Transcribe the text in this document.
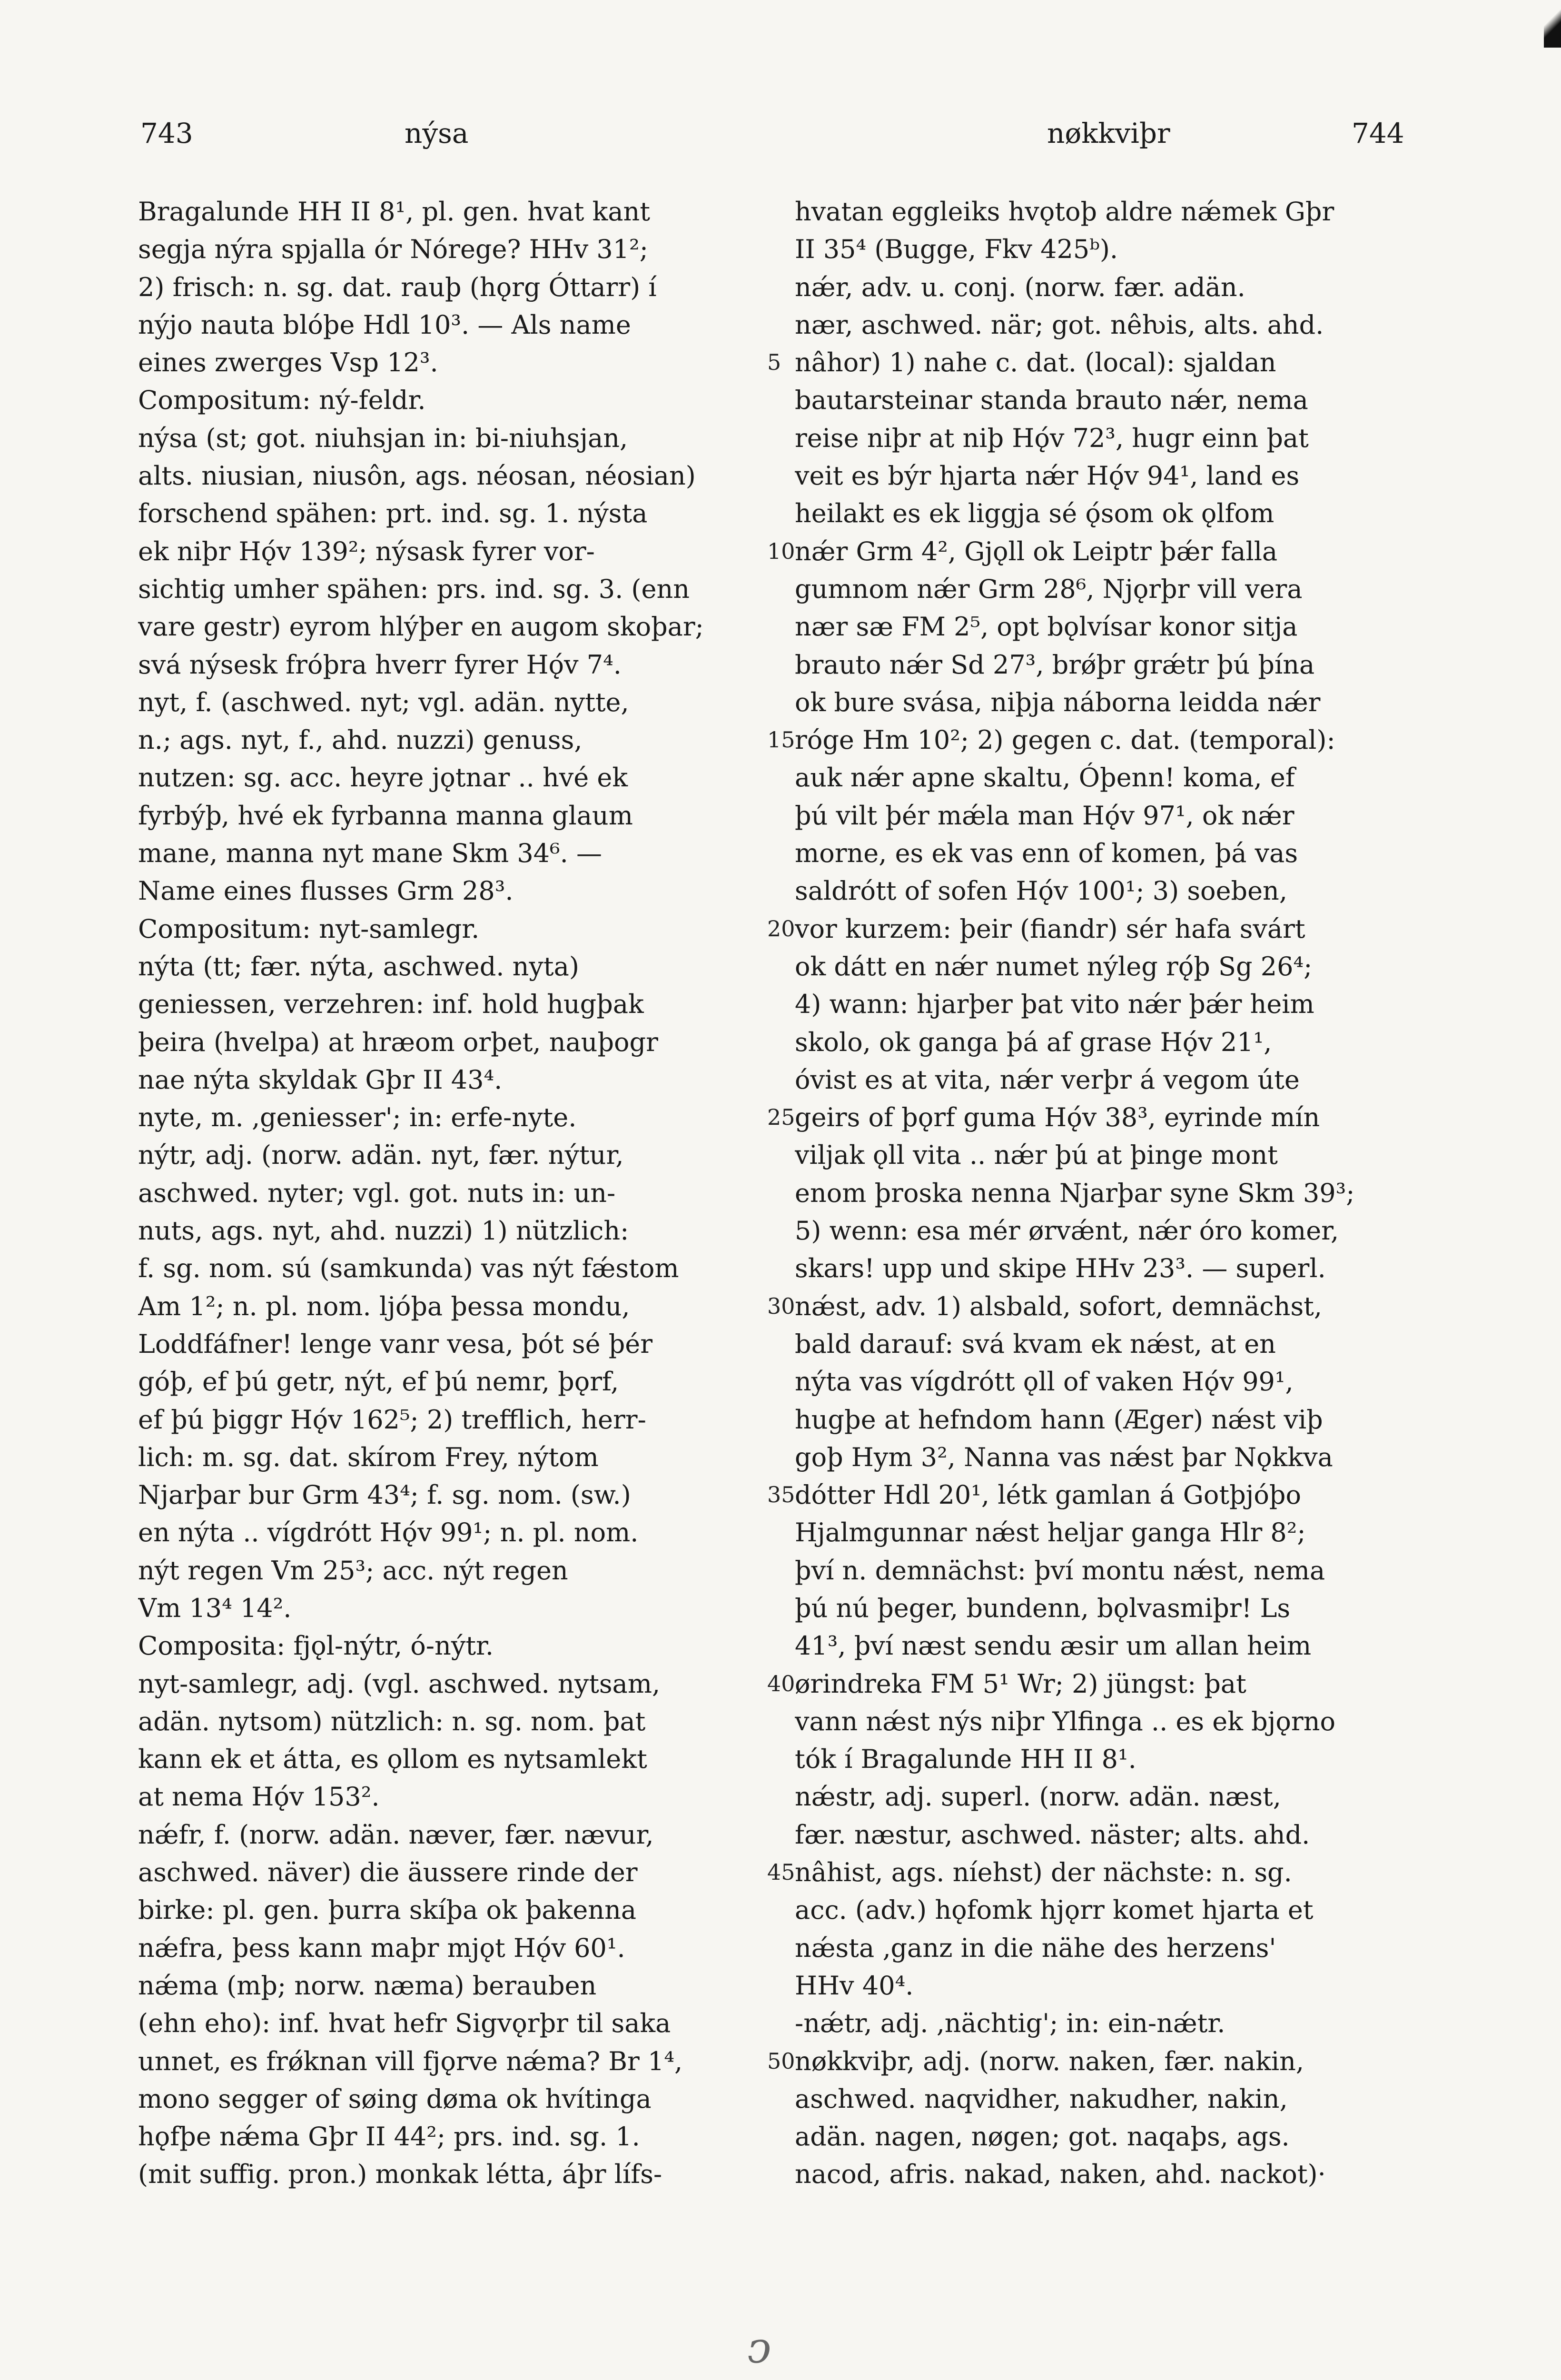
743	nýsa	nøkkviþr	744
Bragalunde HH II 8¹, pl. gen. hvat kant
segja nýra spjalla ór Nórege? HHv 31²;
2) frisch: n. sg. dat. rauþ (hǫrg Óttarr) í
nýjo nauta blóþe Hdl 10³. — Als name
eines zwerges Vsp 12³.
Compositum: ný-feldr.
nýsa (st; got. niuhsjan in: bi-niuhsjan,
alts. niusian, niusôn, ags. néosan, néosian)
forschend spähen: prt. ind. sg. 1. nýsta
ek niþr Hǫ́v 139²; nýsask fyrer vor-
sichtig umher spähen: prs. ind. sg. 3. (enn
vare gestr) eyrom hlýþer en augom skoþar;
svá nýsesk fróþra hverr fyrer Hǫ́v 7⁴.
nyt, f. (aschwed. nyt; vgl. adän. nytte,
n.; ags. nyt, f., ahd. nuzzi) genuss,
nutzen: sg. acc. heyre jǫtnar .. hvé ek
fyrbýþ, hvé ek fyrbanna manna glaum
mane, manna nyt mane Skm 34⁶. —
Name eines flusses Grm 28³.
Compositum: nyt-samlegr.
nýta (tt; fær. nýta, aschwed. nyta)
geniessen, verzehren: inf. hold hugþak
þeira (hvelpa) at hræom orþet, nauþogr
nae nýta skyldak Gþr II 43⁴.
nyte, m. ‚geniesser'; in: erfe-nyte.
nýtr, adj. (norw. adän. nyt, fær. nýtur,
aschwed. nyter; vgl. got. nuts in: un-
nuts, ags. nyt, ahd. nuzzi) 1) nützlich:
f. sg. nom. sú (samkunda) vas nýt fǽstom
Am 1²; n. pl. nom. ljóþa þessa mondu,
Loddfáfner! lenge vanr vesa, þót sé þér
góþ, ef þú getr, nýt, ef þú nemr, þǫrf,
ef þú þiggr Hǫ́v 162⁵; 2) trefflich, herr-
lich: m. sg. dat. skírom Frey, nýtom
Njarþar bur Grm 43⁴; f. sg. nom. (sw.)
en nýta .. vígdrótt Hǫ́v 99¹; n. pl. nom.
nýt regen Vm 25³; acc. nýt regen
Vm 13⁴ 14².
Composita: fjǫl-nýtr, ó-nýtr.
nyt-samlegr, adj. (vgl. aschwed. nytsam,
adän. nytsom) nützlich: n. sg. nom. þat
kann ek et átta, es ǫllom es nytsamlekt
at nema Hǫ́v 153².
nǽfr, f. (norw. adän. næver, fær. nævur,
aschwed. näver) die äussere rinde der
birke: pl. gen. þurra skíþa ok þakenna
nǽfra, þess kann maþr mjǫt Hǫ́v 60¹.
nǽma (mþ; norw. næma) berauben
(ehn eho): inf. hvat hefr Sigvǫrþr til saka
unnet, es frǿknan vill fjǫrve nǽma? Br 1⁴,
mono segger of søing døma ok hvítinga
hǫfþe nǽma Gþr II 44²; prs. ind. sg. 1.
(mit suffig. pron.) monkak létta, áþr lífs-
hvatan eggleiks hvǫtoþ aldre nǽmek Gþr
II 35⁴ (Bugge, Fkv 425ᵇ).
nǽr, adv. u. conj. (norw. fær. adän.
nær, aschwed. när; got. nêƕis, alts. ahd.
nâhor) 1) nahe c. dat. (local): sjaldan
bautarsteinar standa brauto nǽr, nema
reise niþr at niþ Hǫ́v 72³, hugr einn þat
veit es býr hjarta nǽr Hǫ́v 94¹, land es
heilakt es ek liggja sé ǫ́som ok ǫlfom
nǽr Grm 4², Gjǫll ok Leiptr þǽr falla
gumnom nǽr Grm 28⁶, Njǫrþr vill vera
nær sæ FM 2⁵, opt bǫlvísar konor sitja
brauto nǽr Sd 27³, brǿþr grǽtr þú þína
ok bure svása, niþja náborna leidda nǽr
róge Hm 10²; 2) gegen c. dat. (temporal):
auk nǽr apne skaltu, Óþenn! koma, ef
þú vilt þér mǽla man Hǫ́v 97¹, ok nǽr
morne, es ek vas enn of komen, þá vas
saldrótt of sofen Hǫ́v 100¹; 3) soeben,
vor kurzem: þeir (fiandr) sér hafa svárt
ok dátt en nǽr numet nýleg rǫ́þ Sg 26⁴;
4) wann: hjarþer þat vito nǽr þǽr heim
skolo, ok ganga þá af grase Hǫ́v 21¹,
óvist es at vita, nǽr verþr á vegom úte
geirs of þǫrf guma Hǫ́v 38³, eyrinde mín
viljak ǫll vita .. nǽr þú at þinge mont
enom þroska nenna Njarþar syne Skm 39³;
5) wenn: esa mér ørvǽnt, nǽr óro komer,
skars! upp und skipe HHv 23³. — superl.
nǽst, adv. 1) alsbald, sofort, demnächst,
bald darauf: svá kvam ek nǽst, at en
nýta vas vígdrótt ǫll of vaken Hǫ́v 99¹,
hugþe at hefndom hann (Æger) nǽst viþ
goþ Hym 3², Nanna vas nǽst þar Nǫkkva
dótter Hdl 20¹, létk gamlan á Gotþjóþo
Hjalmgunnar nǽst heljar ganga Hlr 8²;
því n. demnächst: því montu nǽst, nema
þú nú þeger, bundenn, bǫlvasmiþr! Ls
41³, því næst sendu æsir um allan heim
ørindreka FM 5¹ Wr; 2) jüngst: þat
vann nǽst nýs niþr Ylfinga .. es ek bjǫrno
tók í Bragalunde HH II 8¹.
nǽstr, adj. superl. (norw. adän. næst,
fær. næstur, aschwed. näster; alts. ahd.
nâhist, ags. níehst) der nächste: n. sg.
acc. (adv.) hǫfomk hjǫrr komet hjarta et
nǽsta ‚ganz in die nähe des herzens'
HHv 40⁴.
-nǽtr, adj. ‚nächtig'; in: ein-nǽtr.
nøkkviþr, adj. (norw. naken, fær. nakin,
aschwed. naqvidher, nakudher, nakin,
adän. nagen, nøgen; got. naqaþs, ags.
nacod, afris. nakad, naken, ahd. nackot)·
5
10
15
20
25
30
35
40
45
50
ↄ
